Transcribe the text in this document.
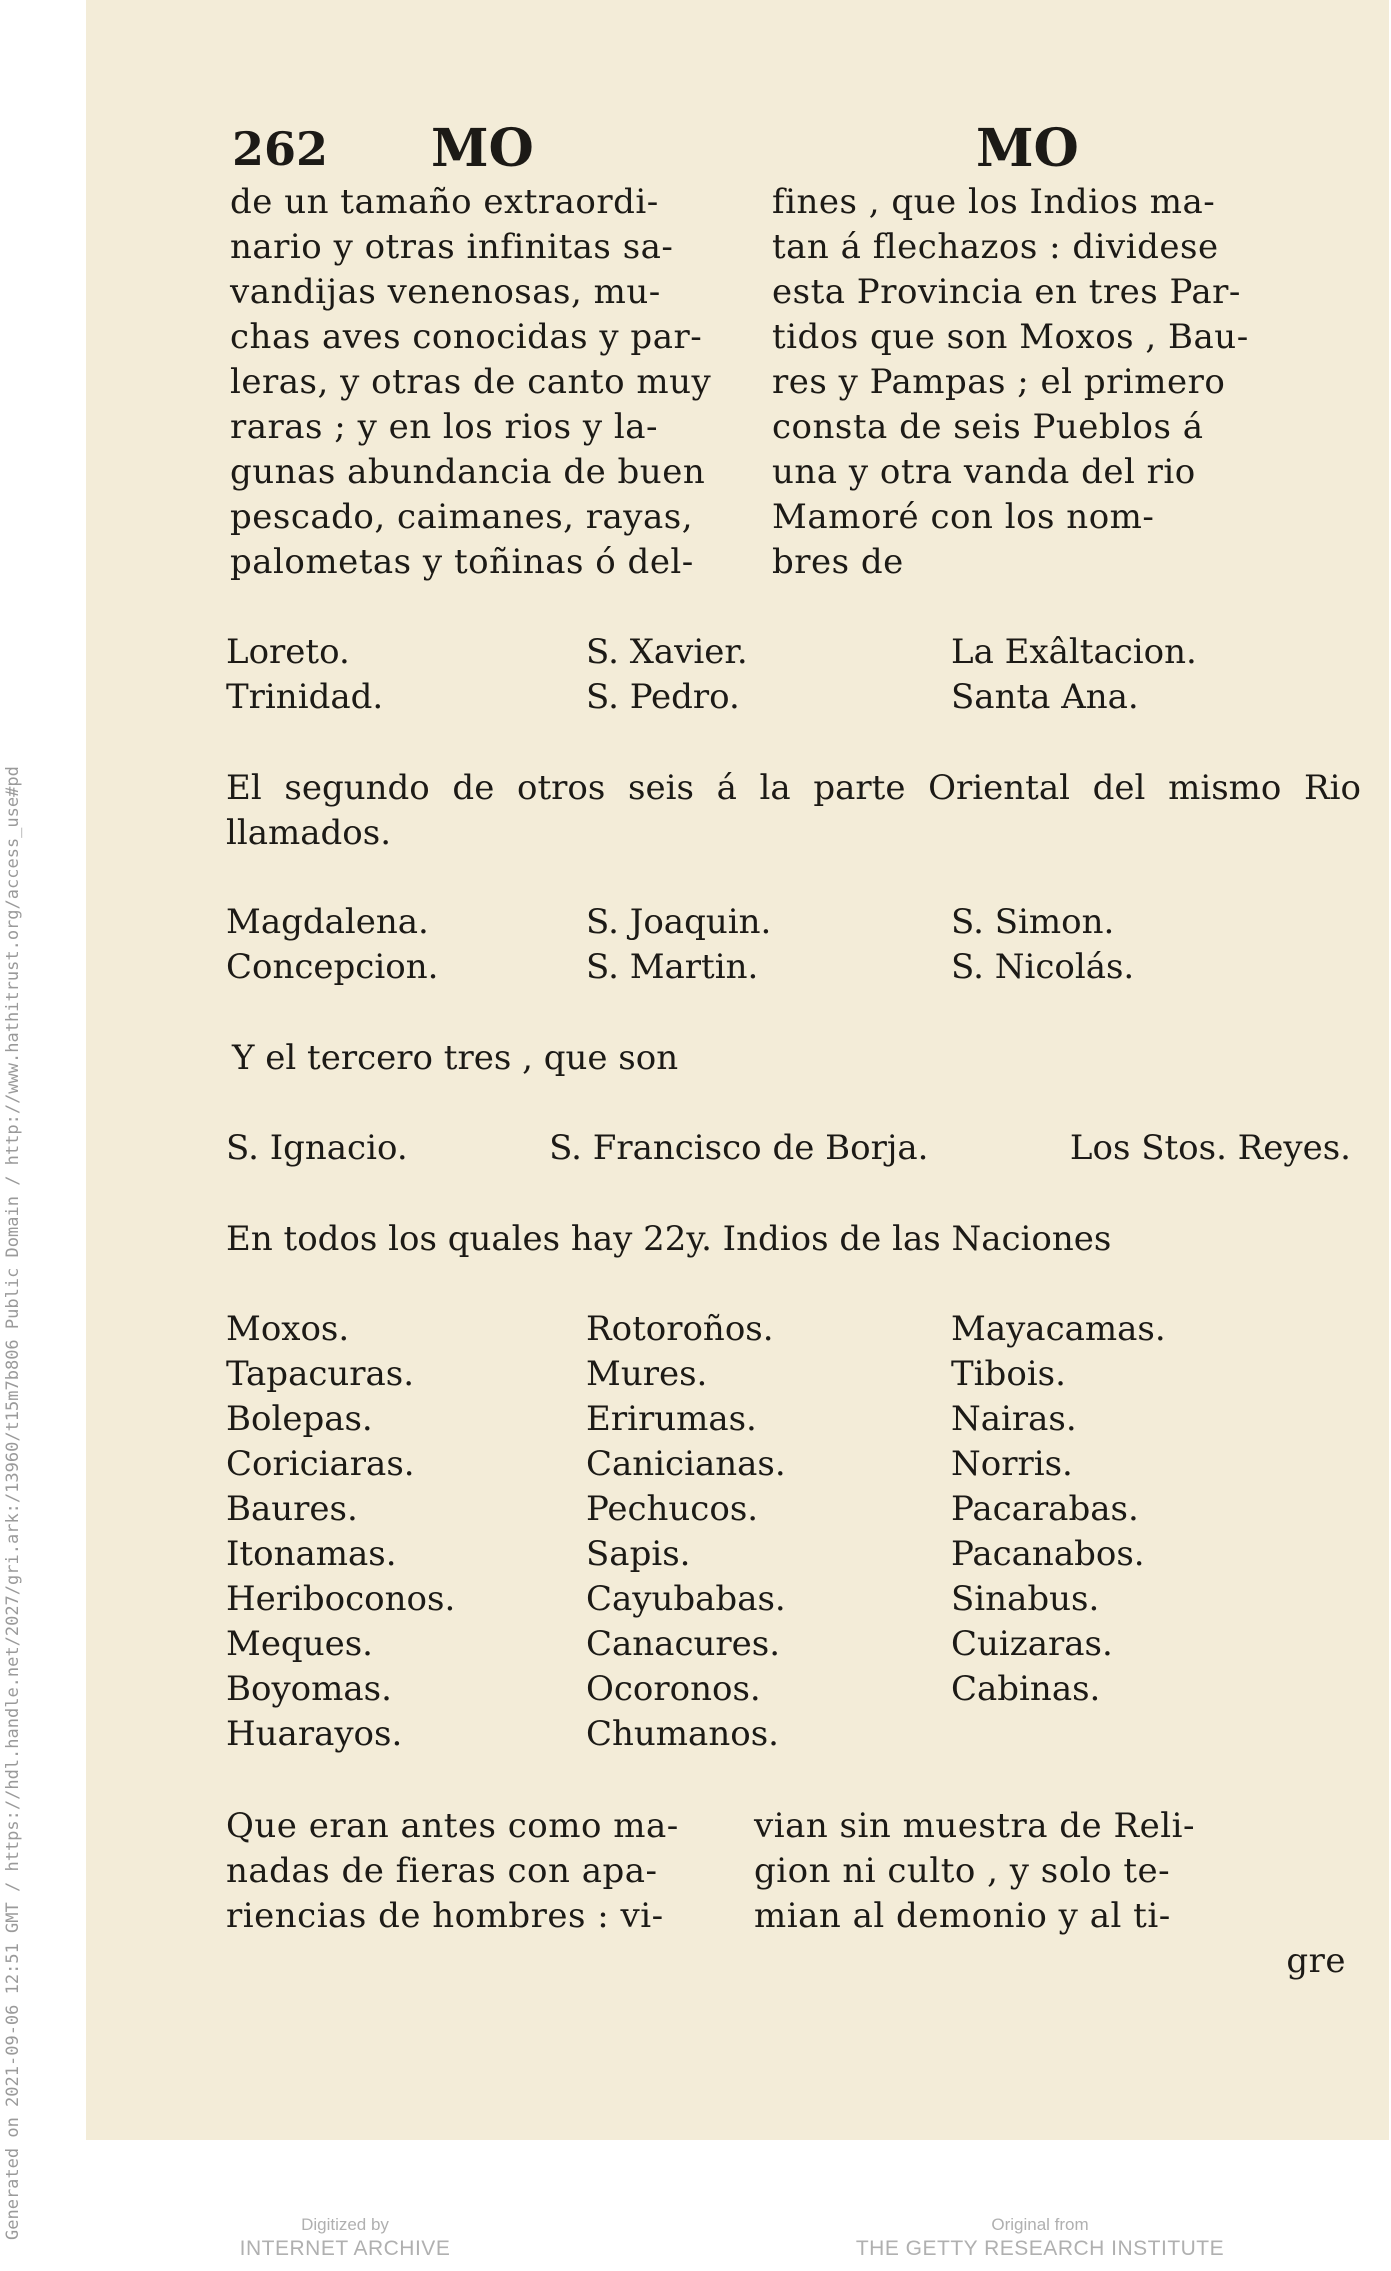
Generated on 2021-09-06 12:51 GMT / https://hdl.handle.net/2027/gri.ark:/13960/t15m7b806 Public Domain / http://www.hathitrust.org/access_use#pd
262 MO	MO
de un tamaño extraordi-
nario y otras infinitas sa-
vandijas venenosas, mu-
chas aves conocidas y par-
leras, y otras de canto muy
raras ; y en los rios y la-
gunas abundancia de buen
pescado, caimanes, rayas,
palometas y toñinas ó del-
fines , que los Indios ma-
tan á flechazos : dividese
esta Provincia en tres Par-
tidos que son Moxos , Bau-
res y Pampas ; el primero
consta de seis Pueblos á
una y otra vanda del rio
Mamoré con los nom-
bres de
Loreto.	S. Xavier.	La Exâltacion.
Trinidad.	S. Pedro.	Santa Ana.
El segundo de otros seis á la parte Oriental del mismo Rio llamados.
Magdalena.	S. Joaquin.	S. Simon.
Concepcion.	S. Martin.	S. Nicolás.
Y el tercero tres , que son
S. Ignacio.	S. Francisco de Borja.	Los Stos. Reyes.
En todos los quales hay 22y. Indios de las Naciones
Moxos.	Rotoroños.	Mayacamas.
Tapacuras.	Mures.	Tibois.
Bolepas.	Erirumas.	Nairas.
Coriciaras.	Canicianas.	Norris.
Baures.	Pechucos.	Pacarabas.
Itonamas.	Sapis.	Pacanabos.
Heriboconos.	Cayubabas.	Sinabus.
Meques.	Canacures.	Cuizaras.
Boyomas.	Ocoronos.	Cabinas.
Huarayos.	Chumanos.
Que eran antes como ma-
nadas de fieras con apa-
riencias de hombres : vi-
vian sin muestra de Reli-
gion ni culto , y solo te-
mian al demonio y al ti-
gre
Digitized by
INTERNET ARCHIVE
Original from
THE GETTY RESEARCH INSTITUTE
